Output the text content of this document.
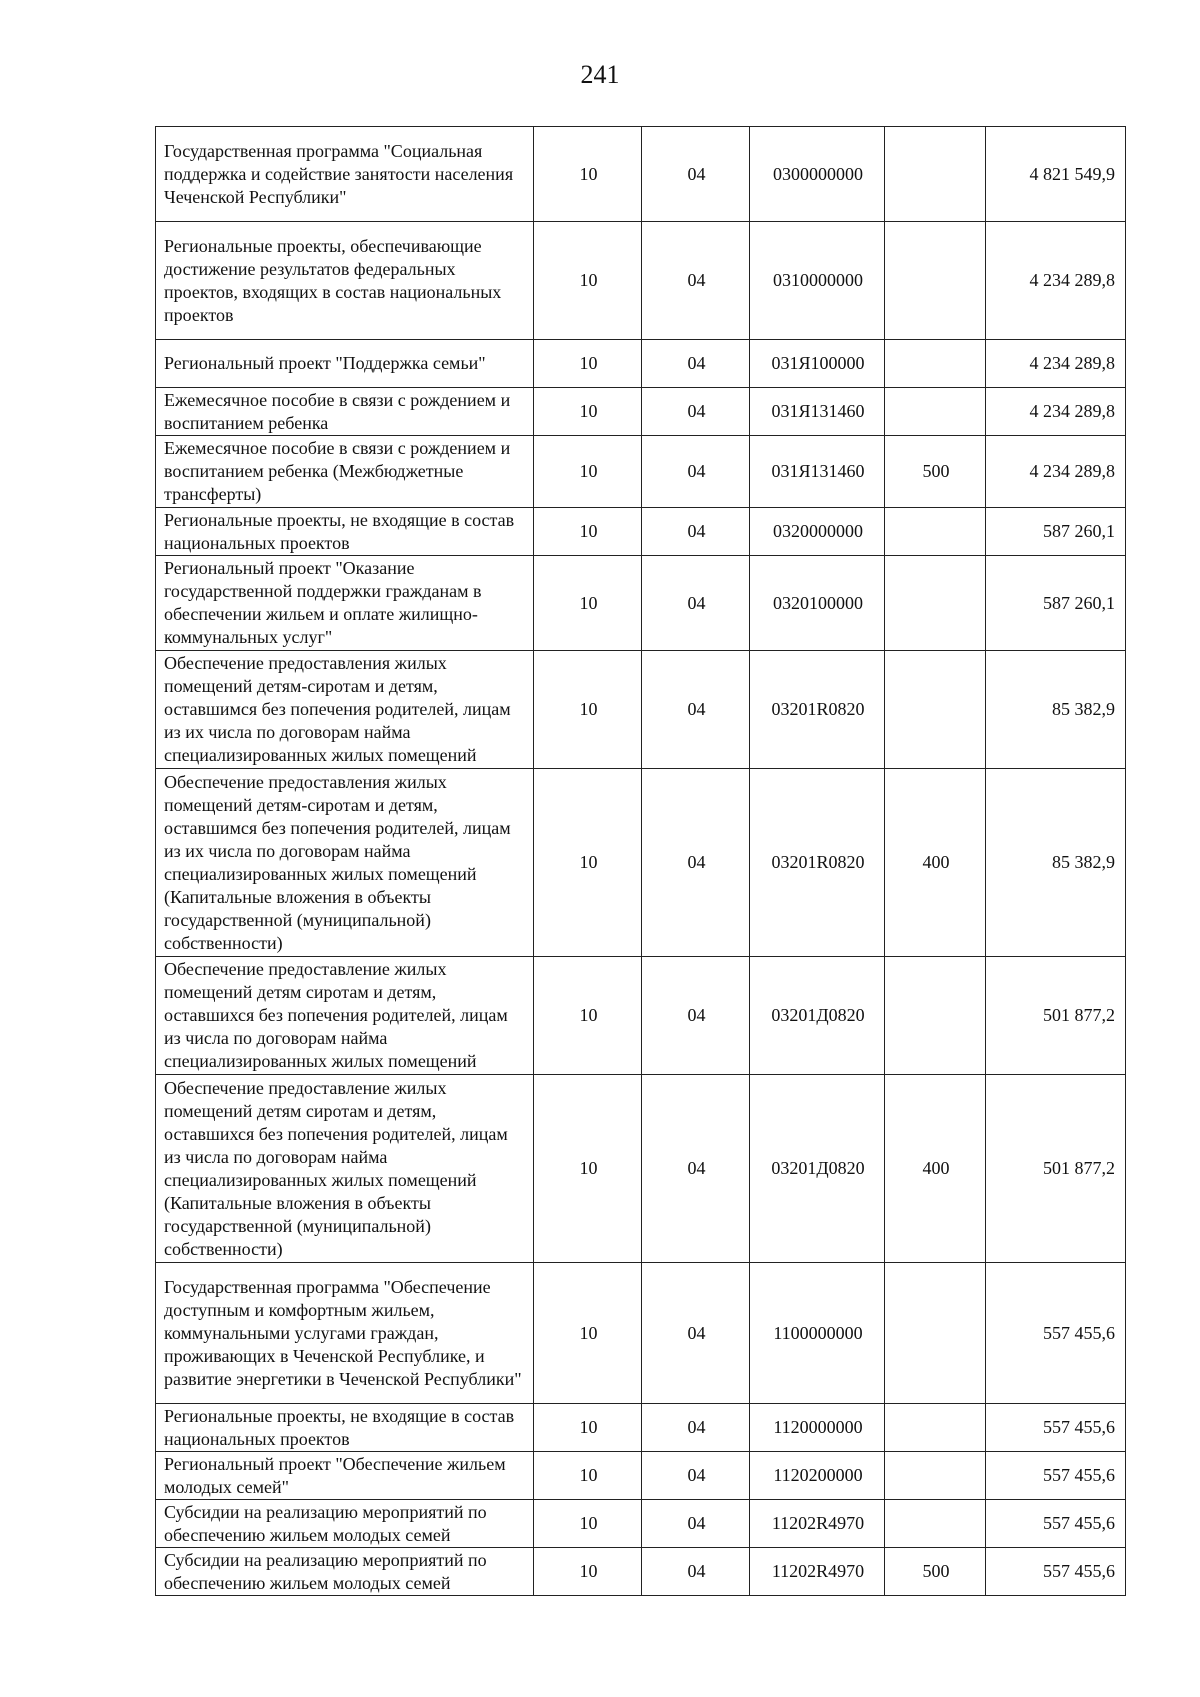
241
Государственная программа "Социальная поддержка и содействие занятости населения Чеченской Республики"	10	04	0300000000		4 821 549,9
Региональные проекты, обеспечивающие достижение результатов федеральных проектов, входящих в состав национальных проектов	10	04	0310000000		4 234 289,8
Региональный проект "Поддержка семьи"	10	04	031Я100000		4 234 289,8
Ежемесячное пособие в связи с рождением и воспитанием ребенка	10	04	031Я131460		4 234 289,8
Ежемесячное пособие в связи с рождением и воспитанием ребенка (Межбюджетные трансферты)	10	04	031Я131460	500	4 234 289,8
Региональные проекты, не входящие в состав национальных проектов	10	04	0320000000		587 260,1
Региональный проект "Оказание государственной поддержки гражданам в обеспечении жильем и оплате жилищно-коммунальных услуг"	10	04	0320100000		587 260,1
Обеспечение предоставления жилых помещений детям-сиротам и детям, оставшимся без попечения родителей, лицам из их числа по договорам найма специализированных жилых помещений	10	04	03201R0820		85 382,9
Обеспечение предоставления жилых помещений детям-сиротам и детям, оставшимся без попечения родителей, лицам из их числа по договорам найма специализированных жилых помещений (Капитальные вложения в объекты государственной (муниципальной) собственности)	10	04	03201R0820	400	85 382,9
Обеспечение предоставление жилых помещений детям сиротам и детям, оставшихся без попечения родителей, лицам из числа по договорам найма специализированных жилых помещений	10	04	03201Д0820		501 877,2
Обеспечение предоставление жилых помещений детям сиротам и детям, оставшихся без попечения родителей, лицам из числа по договорам найма специализированных жилых помещений (Капитальные вложения в объекты государственной (муниципальной) собственности)	10	04	03201Д0820	400	501 877,2
Государственная программа "Обеспечение доступным и комфортным жильем, коммунальными услугами граждан, проживающих в Чеченской Республике, и развитие энергетики в Чеченской Республики"	10	04	1100000000		557 455,6
Региональные проекты, не входящие в состав национальных проектов	10	04	1120000000		557 455,6
Региональный проект "Обеспечение жильем молодых семей"	10	04	1120200000		557 455,6
Субсидии на реализацию мероприятий по обеспечению жильем молодых семей	10	04	11202R4970		557 455,6
Субсидии на реализацию мероприятий по обеспечению жильем молодых семей	10	04	11202R4970	500	557 455,6
